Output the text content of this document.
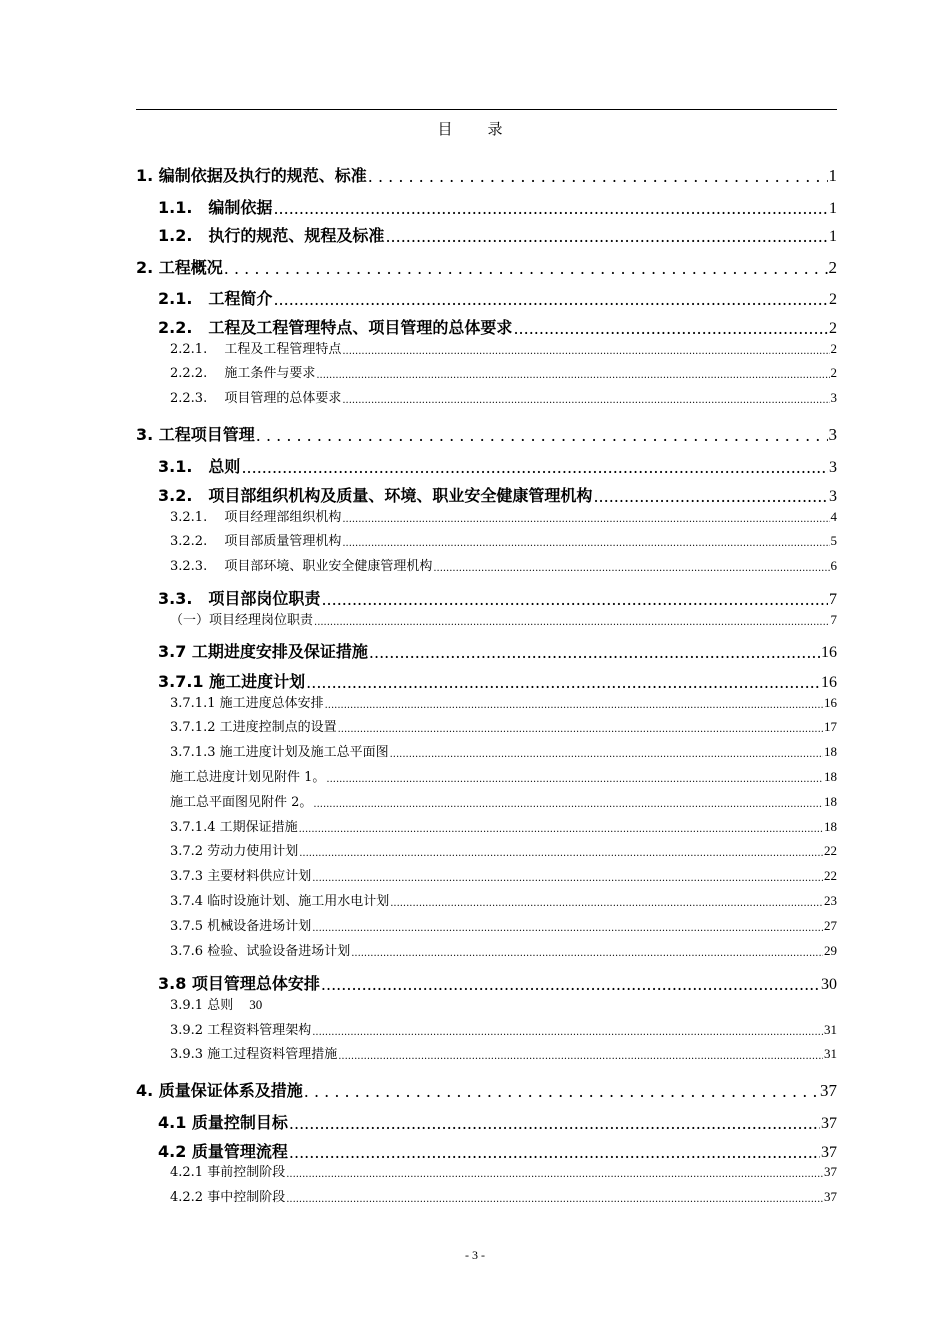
目　录
1. 编制依据及执行的规范、标准 . . .	1
1.1.　编制依据 .....	1
1.2.　执行的规范、规程及标准 .....	1
2. 工程概况 . . .	2
2.1.　工程简介 .....	2
2.2.　工程及工程管理特点、项目管理的总体要求 .....	2
2.2.1.　 工程及工程管理特点 .....	2
2.2.2.　 施工条件与要求 .....	2
2.2.3.　 项目管理的总体要求 .....	3
3. 工程项目管理 . . .	3
3.1.　总则 .....	3
3.2.　项目部组织机构及质量、环境、职业安全健康管理机构 .....	3
3.2.1.　 项目经理部组织机构 .....	4
3.2.2.　 项目部质量管理机构 .....	5
3.2.3.　 项目部环境、职业安全健康管理机构 .....	6
3.3.　项目部岗位职责 .....	7
（一）项目经理岗位职责 .....	7
3.7 工期进度安排及保证措施 .....	16
3.7.1 施工进度计划 .....	16
3.7.1.1 施工进度总体安排 .....	16
3.7.1.2 工进度控制点的设置 .....	17
3.7.1.3 施工进度计划及施工总平面图 .....	18
施工总进度计划见附件 1。 .....	18
施工总平面图见附件 2。 .....	18
3.7.1.4 工期保证措施 .....	18
3.7.2 劳动力使用计划 .....	22
3.7.3 主要材料供应计划 .....	22
3.7.4 临时设施计划、施工用水电计划 .....	23
3.7.5 机械设备进场计划 .....	27
3.7.6 检验、试验设备进场计划 .....	29
3.8 项目管理总体安排 .....	30
3.9.1 总则 30
3.9.2 工程资料管理架构 .....	31
3.9.3 施工过程资料管理措施 .....	31
4. 质量保证体系及措施 . . .	37
4.1 质量控制目标 .....	37
4.2 质量管理流程 .....	37
4.2.1 事前控制阶段 .....	37
4.2.2 事中控制阶段 .....	37
- 3 -
